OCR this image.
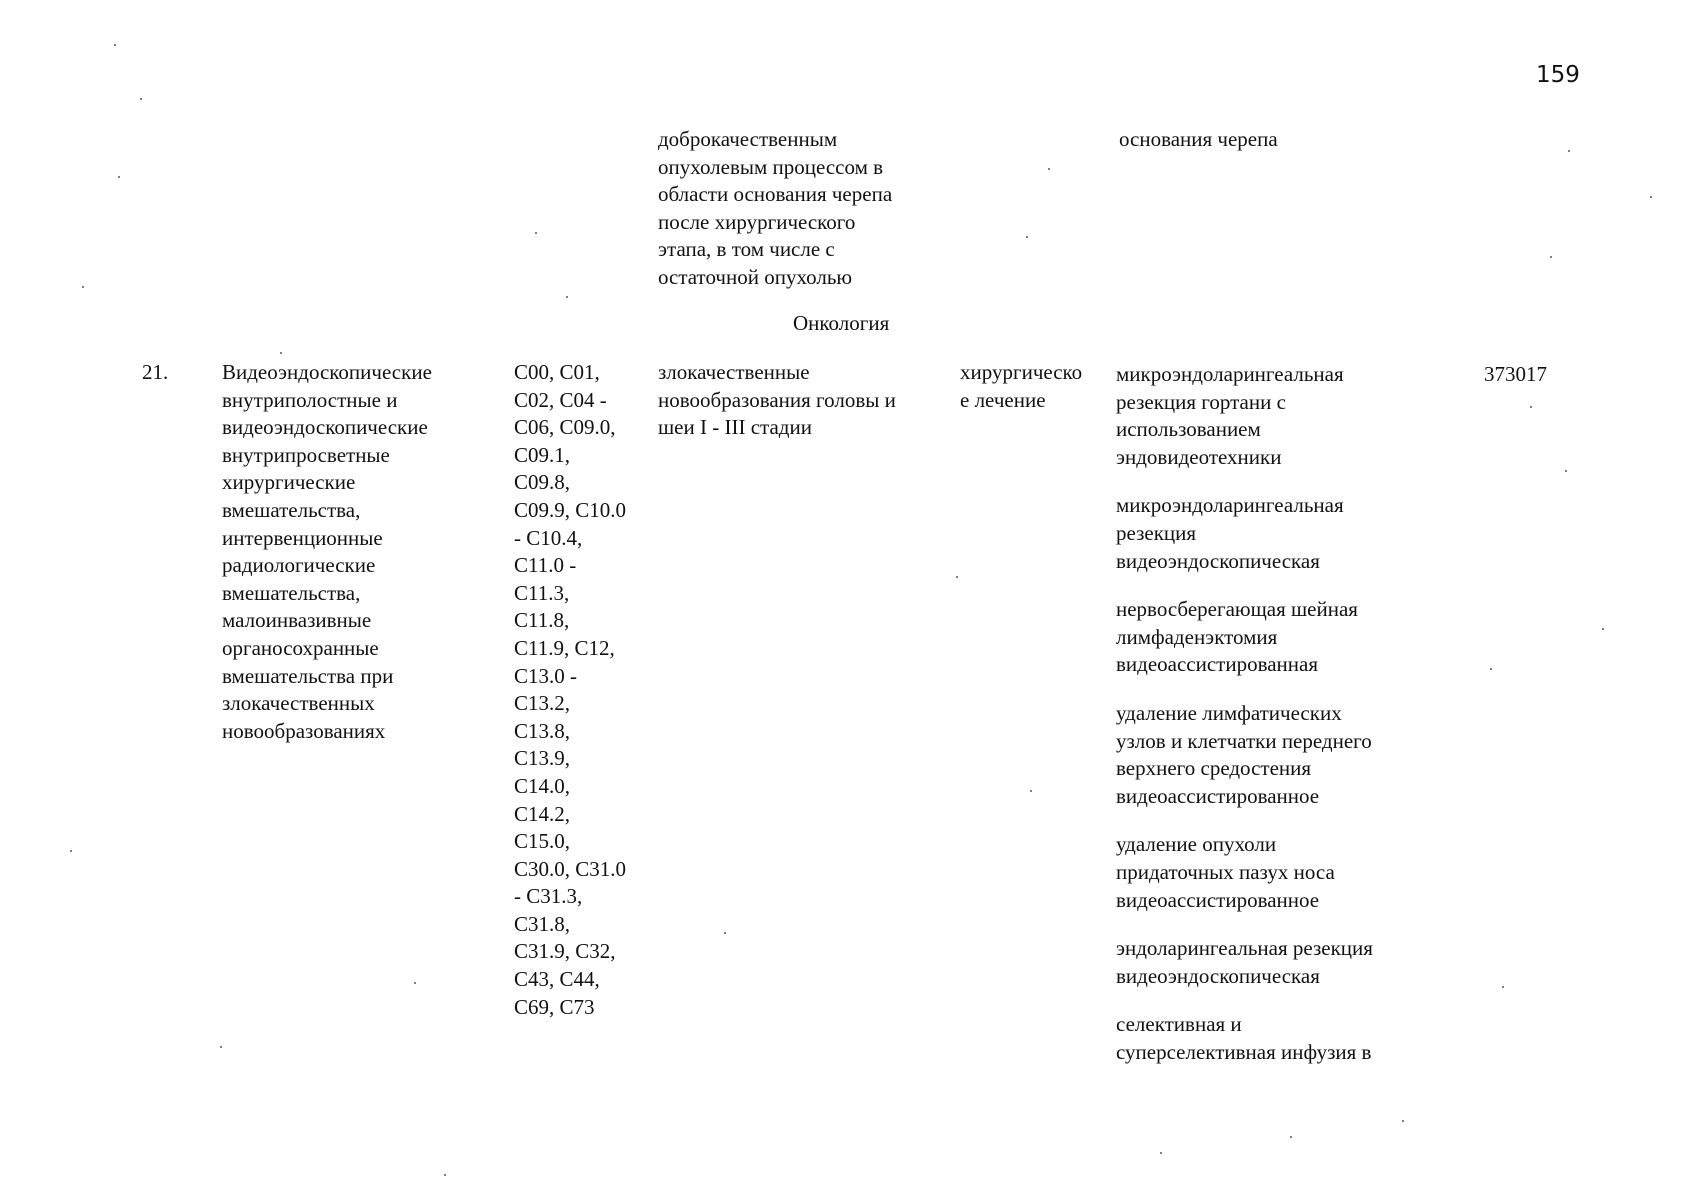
159
доброкачественным
опухолевым процессом в
области основания черепа
после хирургического
этапа, в том числе с
остаточной опухолью
основания черепа
Онкология
21.	Видеоэндоскопические
внутриполостные и
видеоэндоскопические
внутрипросветные
хирургические
вмешательства,
интервенционные
радиологические
вмешательства,
малоинвазивные
органосохранные
вмешательства при
злокачественных
новообразованиях
C00, C01,
C02, C04 -
C06, C09.0,
C09.1,
C09.8,
C09.9, C10.0
- C10.4,
C11.0 -
C11.3,
C11.8,
C11.9, C12,
C13.0 -
C13.2,
C13.8,
C13.9,
C14.0,
C14.2,
C15.0,
C30.0, C31.0
- C31.3,
C31.8,
C31.9, C32,
C43, C44,
C69, C73
злокачественные
новообразования головы и
шеи I - III стадии
хирургическо
е лечение
микроэндоларингеальная
резекция гортани с
использованием
эндовидеотехники
микроэндоларингеальная
резекция
видеоэндоскопическая
нервосберегающая шейная
лимфаденэктомия
видеоассистированная
удаление лимфатических
узлов и клетчатки переднего
верхнего средостения
видеоассистированное
удаление опухоли
придаточных пазух носа
видеоассистированное
эндоларингеальная резекция
видеоэндоскопическая
селективная и
суперселективная инфузия в
373017
